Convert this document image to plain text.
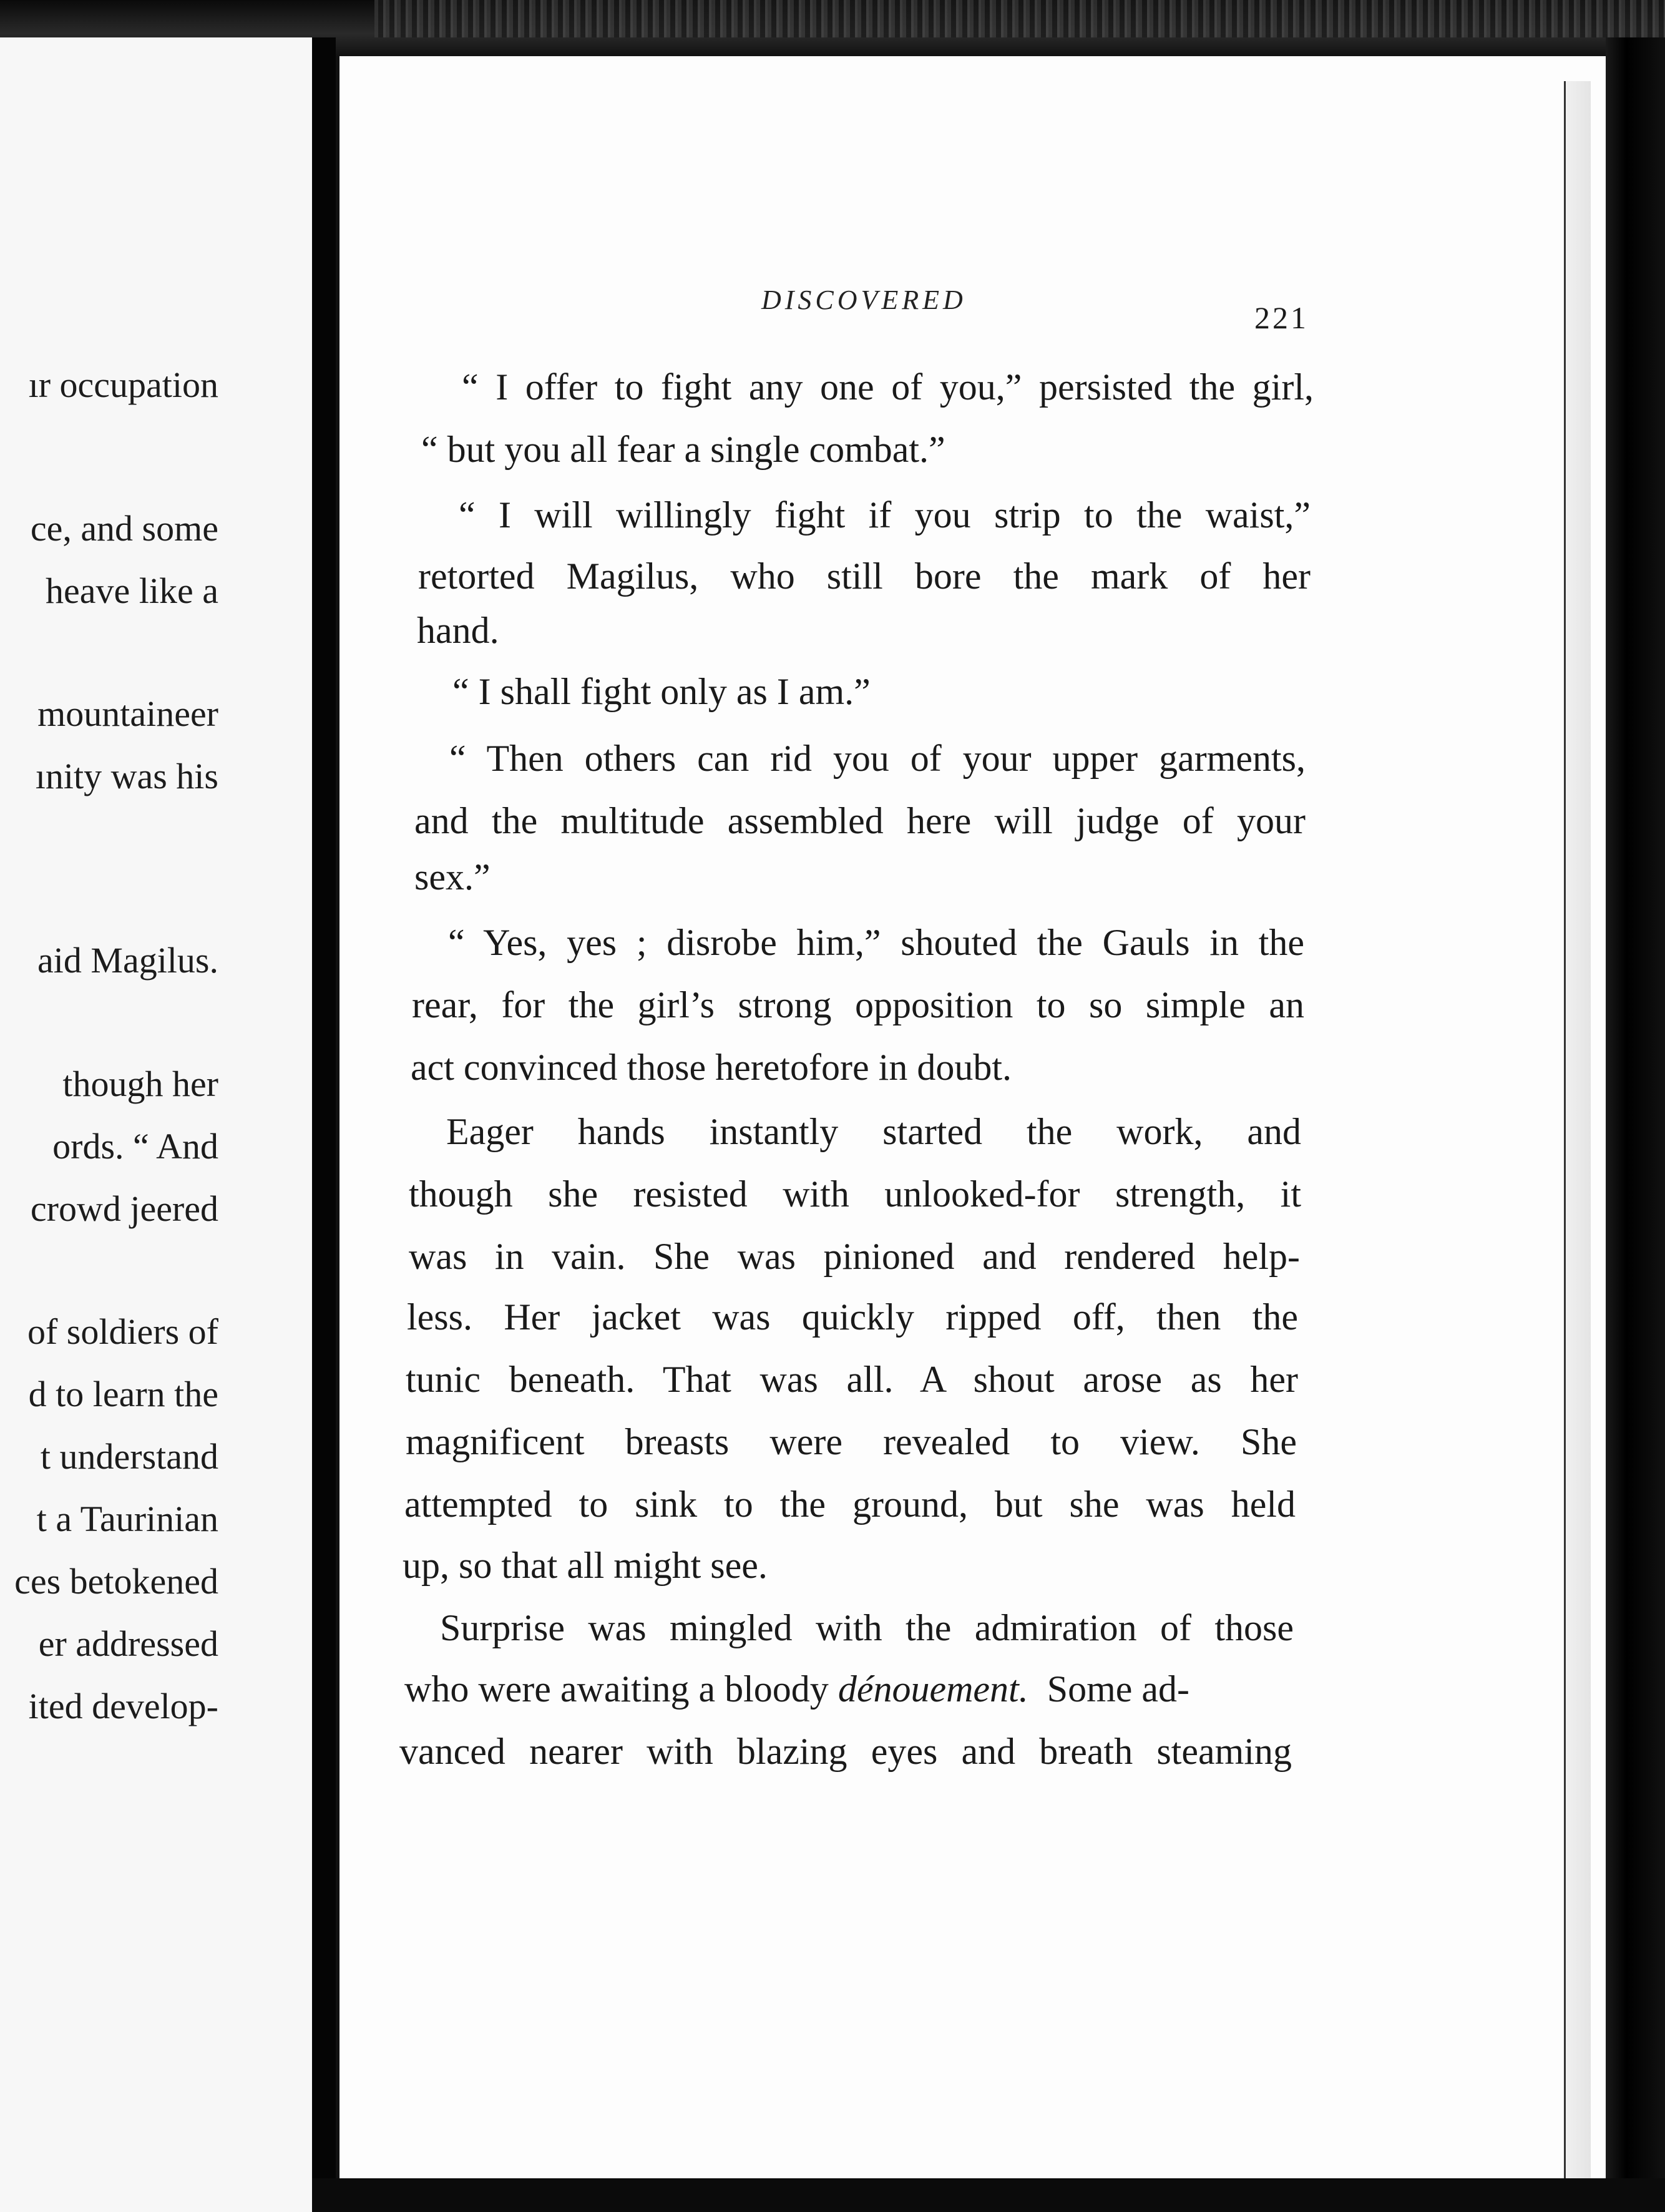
ır occupation
ce, and some
heave like a
mountaineer
ınity was his
aid Magilus.
though her
ords. “ And
crowd jeered
of soldiers of
d to learn the
t understand
t a Taurinian
ces betokened
er addressed
ited develop-
DISCOVERED
221
“ I offer to fight any one of you,” persisted the girl,
“ but you all fear a single combat.”
“ I will willingly fight if you strip to the waist,”
retorted Magilus, who still bore the mark of her
hand.
“ I shall fight only as I am.”
“ Then others can rid you of your upper garments,
and the multitude assembled here will judge of your
sex.”
“ Yes, yes ; disrobe him,” shouted the Gauls in the
rear, for the girl’s strong opposition to so simple an
act convinced those heretofore in doubt.
Eager hands instantly started the work, and
though she resisted with unlooked-for strength, it
was in vain. She was pinioned and rendered help-
less. Her jacket was quickly ripped off, then the
tunic beneath. That was all. A shout arose as her
magnificent breasts were revealed to view. She
attempted to sink to the ground, but she was held
up, so that all might see.
Surprise was mingled with the admiration of those
who were awaiting a bloody dénouement. Some ad-
vanced nearer with blazing eyes and breath steaming
